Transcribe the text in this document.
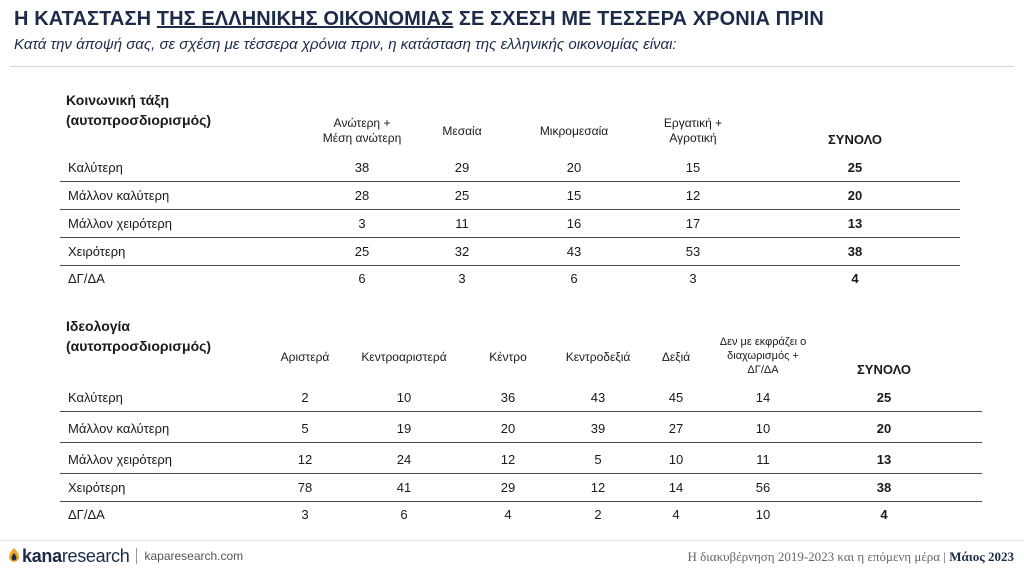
Η ΚΑΤΑΣΤΑΣΗ ΤΗΣ ΕΛΛΗΝΙΚΗΣ ΟΙΚΟΝΟΜΙΑΣ ΣΕ ΣΧΕΣΗ ΜΕ ΤΕΣΣΕΡΑ ΧΡΟΝΙΑ ΠΡΙΝ
Κατά την άποψή σας, σε σχέση με τέσσερα χρόνια πριν, η κατάσταση της ελληνικής οικονομίας είναι:
Κοινωνική τάξη
(αυτοπροσδιορισμός)	Ανώτερη +
Μέση ανώτερη	Μεσαία	Μικρομεσαία
Εργατική +
Αγροτική	ΣΥΝΟΛΟ
Καλύτερη	38	29	20	15	25
Μάλλον καλύτερη	28	25	15	12	20
Μάλλον χειρότερη	3	11	16	17	13
Χειρότερη	25	32	43	53	38
ΔΓ/ΔΑ	6	3	6	3	4
Ιδεολογία
(αυτοπροσδιορισμός)
Αριστερά	Κεντροαριστερά	Κέντρο	Κεντροδεξιά	Δεξιά
Δεν με εκφράζει ο
διαχωρισμός +
ΔΓ/ΔΑ	ΣΥΝΟΛΟ
Καλύτερη	2	10	36	43	45	14	25
Μάλλον καλύτερη	5	19	20	39	27	10	20
Μάλλον χειρότερη	12	24	12	5	10	11	13
Χειρότερη	78	41	29	12	14	56	38
ΔΓ/ΔΑ	3	6	4	2	4	10	4
kana research kaparesearch.com	Η διακυβέρνηση 2019-2023 και η επόμενη μέρα | Μάιος 2023
